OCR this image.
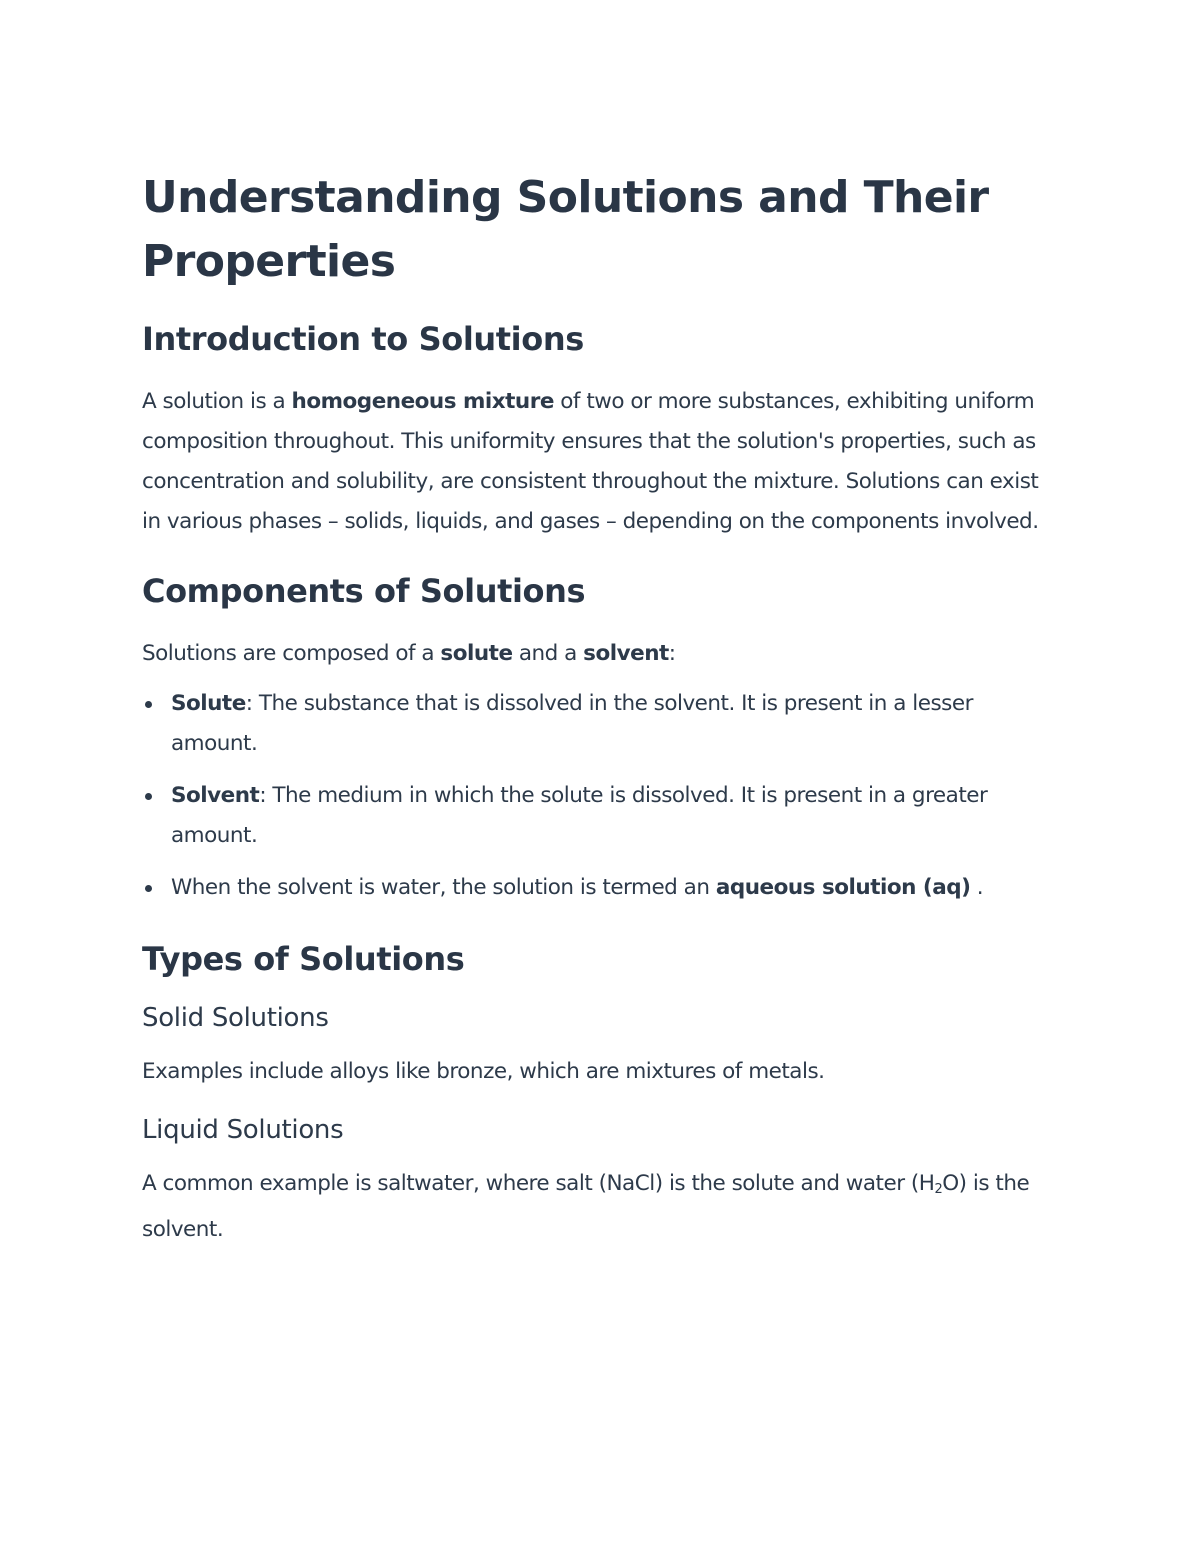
Understanding Solutions and Their Properties
Introduction to Solutions

A solution is a homogeneous mixture of two or more substances, exhibiting uniform composition throughout. This uniformity ensures that the solution's properties, such as concentration and solubility, are consistent throughout the mixture. Solutions can exist in various phases – solids, liquids, and gases – depending on the components involved.

Components of Solutions

Solutions are composed of a solute and a solvent:

Solute: The substance that is dissolved in the solvent. It is present in a lesser amount.
Solvent: The medium in which the solute is dissolved. It is present in a greater amount.
When the solvent is water, the solution is termed an aqueous solution (aq) .
Types of Solutions
Solid Solutions

Examples include alloys like bronze, which are mixtures of metals.

Liquid Solutions

A common example is saltwater, where salt (NaCl) is the solute and water $(H_2O)$ is the solvent.
